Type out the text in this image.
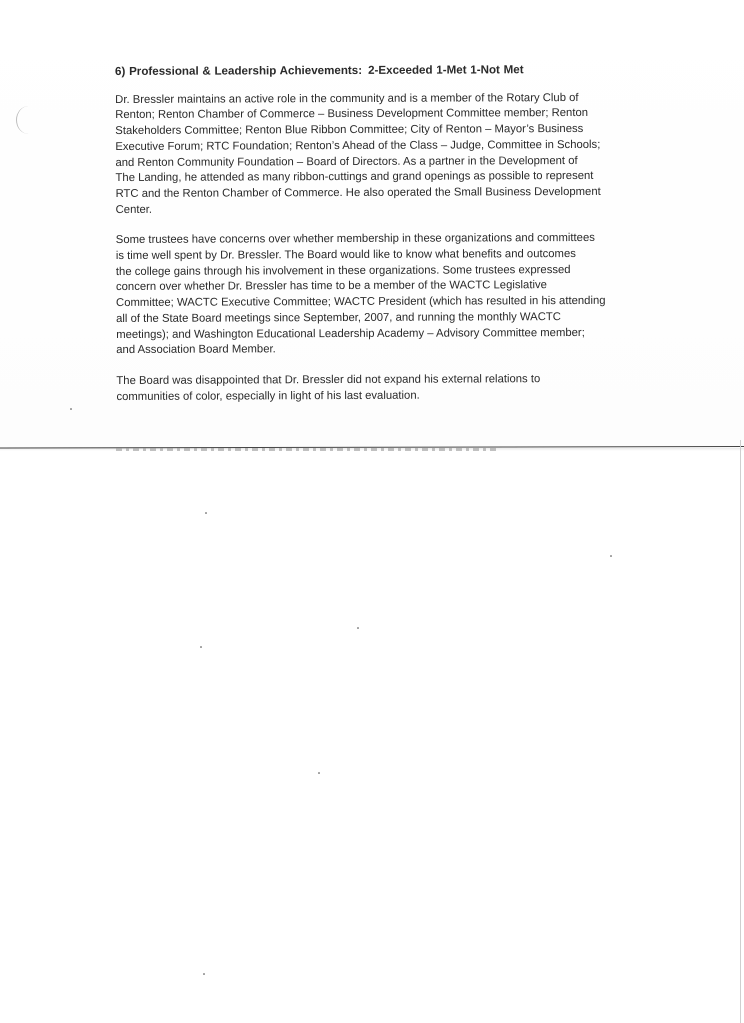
6) Professional & Leadership Achievements: 2-Exceeded 1-Met 1-Not Met
Dr. Bressler maintains an active role in the community and is a member of the Rotary Club of
Renton; Renton Chamber of Commerce – Business Development Committee member; Renton
Stakeholders Committee; Renton Blue Ribbon Committee; City of Renton – Mayor’s Business
Executive Forum; RTC Foundation; Renton’s Ahead of the Class – Judge, Committee in Schools;
and Renton Community Foundation – Board of Directors. As a partner in the Development of
The Landing, he attended as many ribbon-cuttings and grand openings as possible to represent
RTC and the Renton Chamber of Commerce. He also operated the Small Business Development
Center.
Some trustees have concerns over whether membership in these organizations and committees
is time well spent by Dr. Bressler. The Board would like to know what benefits and outcomes
the college gains through his involvement in these organizations. Some trustees expressed
concern over whether Dr. Bressler has time to be a member of the WACTC Legislative
Committee; WACTC Executive Committee; WACTC President (which has resulted in his attending
all of the State Board meetings since September, 2007, and running the monthly WACTC
meetings); and Washington Educational Leadership Academy – Advisory Committee member;
and Association Board Member.
The Board was disappointed that Dr. Bressler did not expand his external relations to
communities of color, especially in light of his last evaluation.
